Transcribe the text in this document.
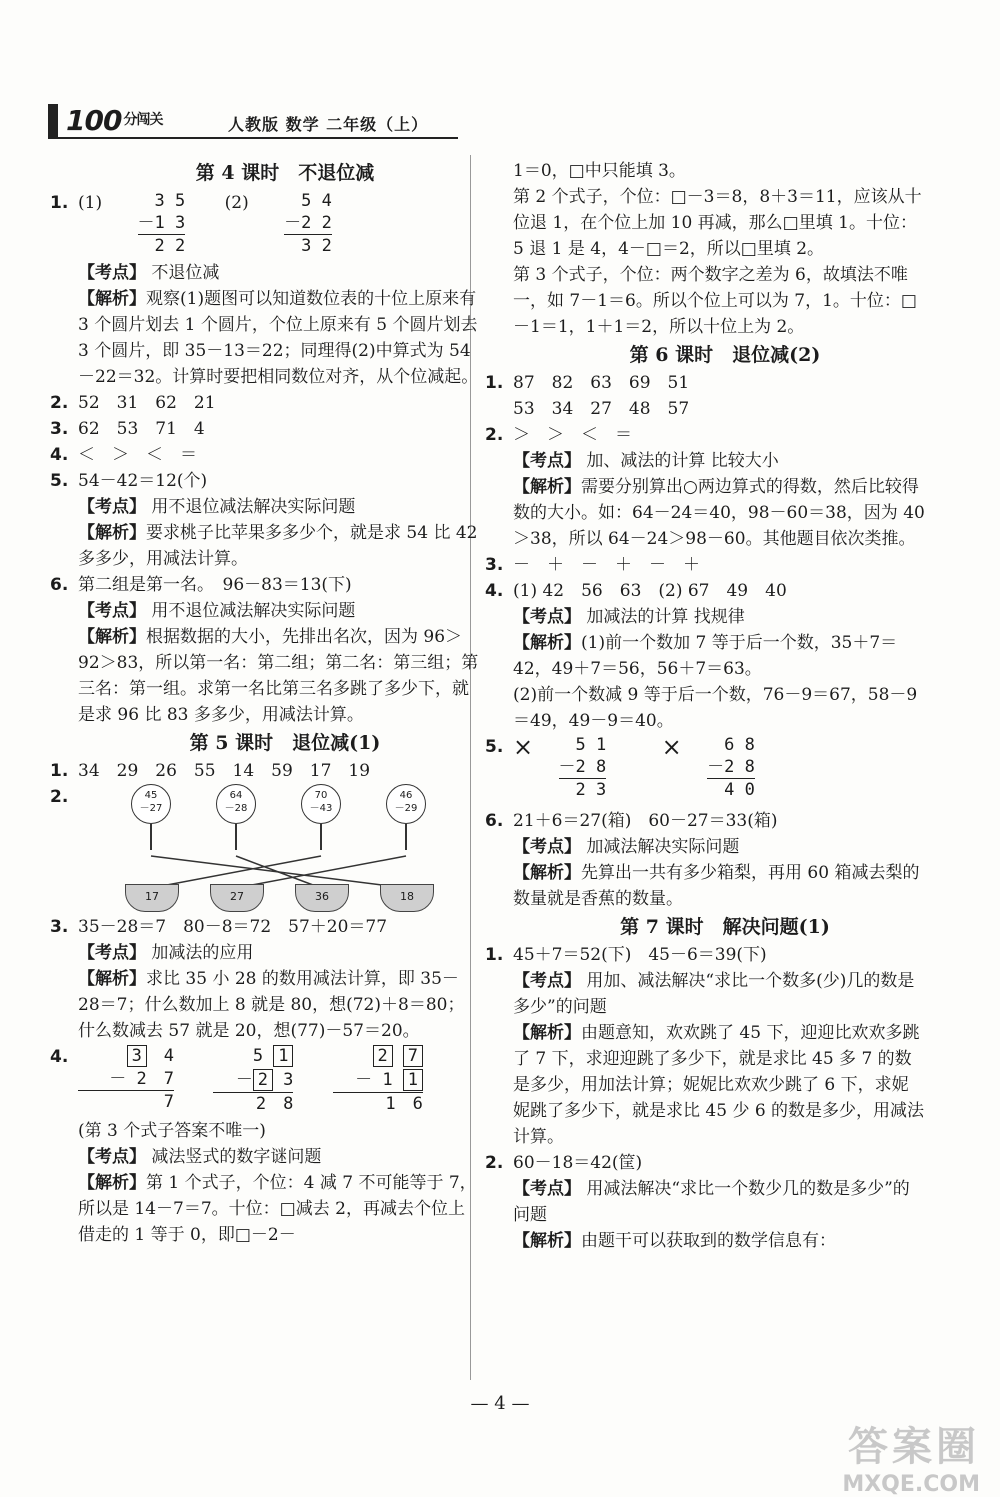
100 $^{分闯关}$	人教版 数学 二年级（上）
第 4 课时　不退位减
1. (1)	3 5
－1 3
2 2
(2)	5 4
－2 2
3 2
【考点】 不退位减
【解析】观察(1)题图可以知道数位表的十位上原来有 3 个圆片划去 1 个圆片，个位上原来有 5 个圆片划去 3 个圆片，即 35－13＝22；同理得(2)中算式为 54－22＝32。计算时要把相同数位对齐，从个位减起。
2. 52　31　62　21
3. 62　53　71　4
4. ＜　＞　＜　＝
5. 54－42＝12(个)
【考点】 用不退位减法解决实际问题
【解析】要求桃子比苹果多多少个，就是求 54 比 42 多多少，用减法计算。
6. 第二组是第一名。　96－83＝13(下)
【考点】 用不退位减法解决实际问题
【解析】根据数据的大小，先排出名次，因为 96＞92＞83，所以第一名：第二组；第二名：第三组；第三名：第一组。求第一名比第三名多跳了多少下，就是求 96 比 83 多多少，用减法计算。
第 5 课时　退位减(1)
1. 34　29　26　55　14　59　17　19
2.	45
－27
64
－28
70
－43
46
－29
17	27	36	18
3. 35－28＝7　80－8＝72　57＋20＝77
【考点】 加减法的应用
【解析】求比 35 小 28 的数用减法计算，即 35－28＝7；什么数加上 8 就是 80，想(72)＋8＝80；什么数减去 57 就是 20，想(77)－57＝20。
4.	3　 4
－ 2　7
7

5 1
－ 2 3
2　8

2 7
－ 1 1
1　6
(第 3 个式子答案不唯一)
【考点】 减法竖式的数字谜问题
【解析】第 1 个式子，个位：4 减 7 不可能等于 7，所以是 14－7＝7。十位：□减去 2，再减去个位上借走的 1 等于 0，即□－2－
1＝0，□中只能填 3。
第 2 个式子，个位：□－3＝8，8＋3＝11，应该从十位退 1，在个位上加 10 再减，那么□里填 1。十位：5 退 1 是 4，4－□＝2，所以□里填 2。
第 3 个式子，个位：两个数字之差为 6，故填法不唯一，如 7－1＝6。所以个位上可以为 7，1。十位：□－1＝1，1＋1＝2，所以十位上为 2。
第 6 课时　退位减(2)
1. 87　82　63　69　51
53　34　27　48　57
2. ＞　＞　＜　＝
【考点】 加、减法的计算 比较大小
【解析】需要分别算出○两边算式的得数，然后比较得数的大小。如：64－24＝40，98－60＝38，因为 40＞38，所以 64－24＞98－60。其他题目依次类推。
3. －　＋　－　＋　－　＋
4. (1) 42　56　63　(2) 67　49　40
【考点】 加减法的计算 找规律
【解析】(1)前一个数加 7 等于后一个数，35＋7＝42，49＋7＝56，56＋7＝63。
(2)前一个数减 9 等于后一个数，76－9＝67，58－9＝49，49－9＝40。
5. ×	5 1
－2 8
2 3
×	6 8
－2 8
4 0
6. 21＋6＝27(箱)　60－27＝33(箱)
【考点】 加减法解决实际问题
【解析】先算出一共有多少箱梨，再用 60 箱减去梨的数量就是香蕉的数量。
第 7 课时　解决问题(1)
1. 45＋7＝52(下)　45－6＝39(下)
【考点】 用加、减法解决“求比一个数多(少)几的数是多少”的问题
【解析】由题意知，欢欢跳了 45 下，迎迎比欢欢多跳了 7 下，求迎迎跳了多少下，就是求比 45 多 7 的数是多少，用加法计算；妮妮比欢欢少跳了 6 下，求妮妮跳了多少下，就是求比 45 少 6 的数是多少，用减法计算。
2. 60－18＝42(筐)
【考点】 用减法解决“求比一个数少几的数是多少”的问题
【解析】由题干可以获取到的数学信息有：
— 4 —
答案圈
MXQE.COM
